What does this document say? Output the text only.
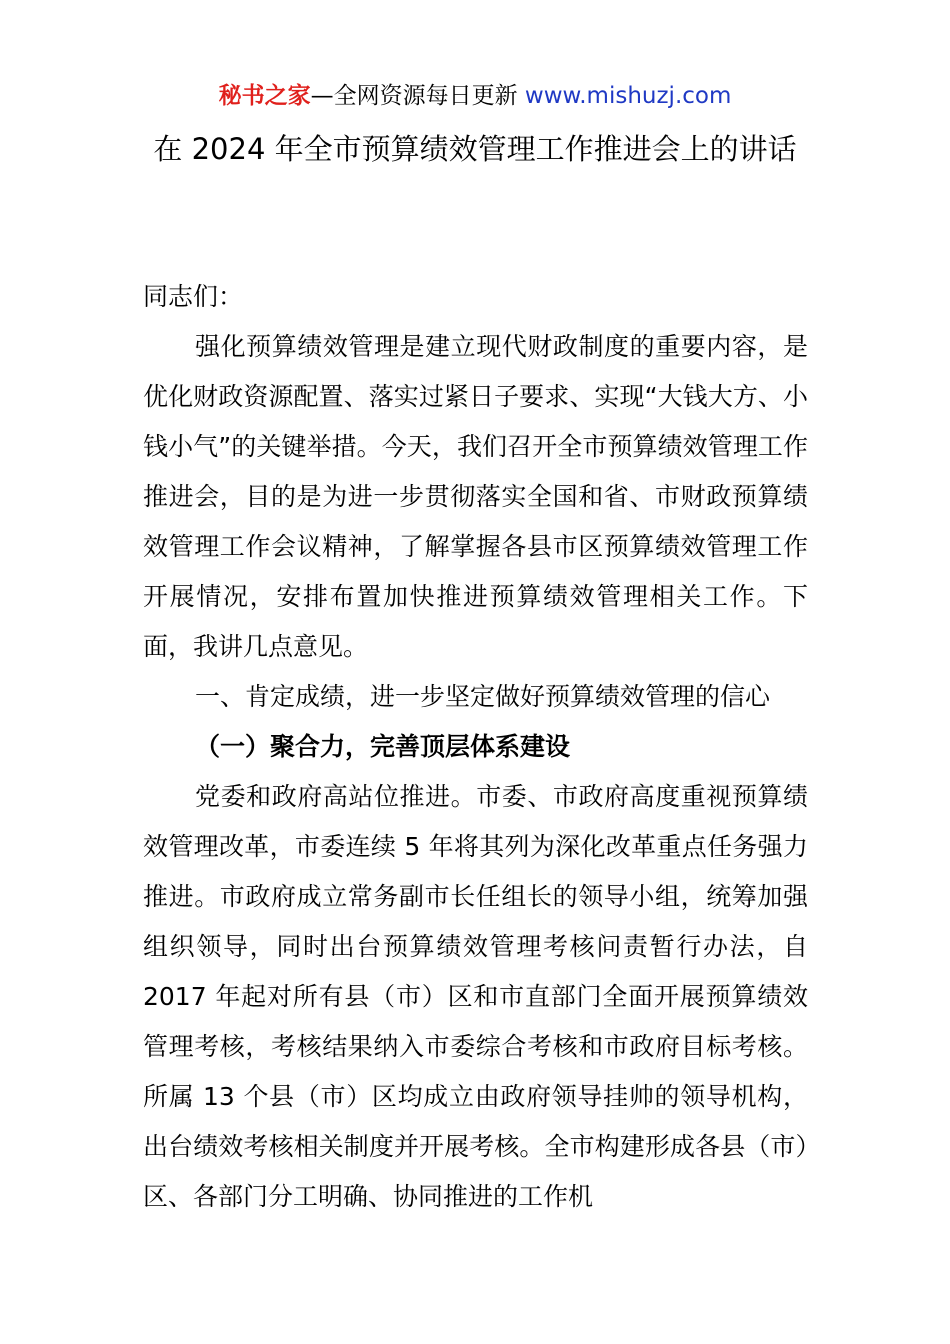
秘书之家—全网资源每日更新 www.mishuzj.com
在 2024 年全市预算绩效管理工作推进会上的讲话

同志们：

强化预算绩效管理是建立现代财政制度的重要内容，是优化财政资源配置、落实过紧日子要求、实现“大钱大方、小钱小气”的关键举措。今天，我们召开全市预算绩效管理工作推进会，目的是为进一步贯彻落实全国和省、市财政预算绩效管理工作会议精神，了解掌握各县市区预算绩效管理工作开展情况，安排布置加快推进预算绩效管理相关工作。下面，我讲几点意见。

一、肯定成绩，进一步坚定做好预算绩效管理的信心

（一）聚合力，完善顶层体系建设

党委和政府高站位推进。市委、市政府高度重视预算绩效管理改革，市委连续 5 年将其列为深化改革重点任务强力推进。市政府成立常务副市长任组长的领导小组，统筹加强组织领导，同时出台预算绩效管理考核问责暂行办法，自 2017 年起对所有县（市）区和市直部门全面开展预算绩效管理考核，考核结果纳入市委综合考核和市政府目标考核。所属 13 个县（市）区均成立由政府领导挂帅的领导机构，出台绩效考核相关制度并开展考核。全市构建形成各县（市）区、各部门分工明确、协同推进的工作机
